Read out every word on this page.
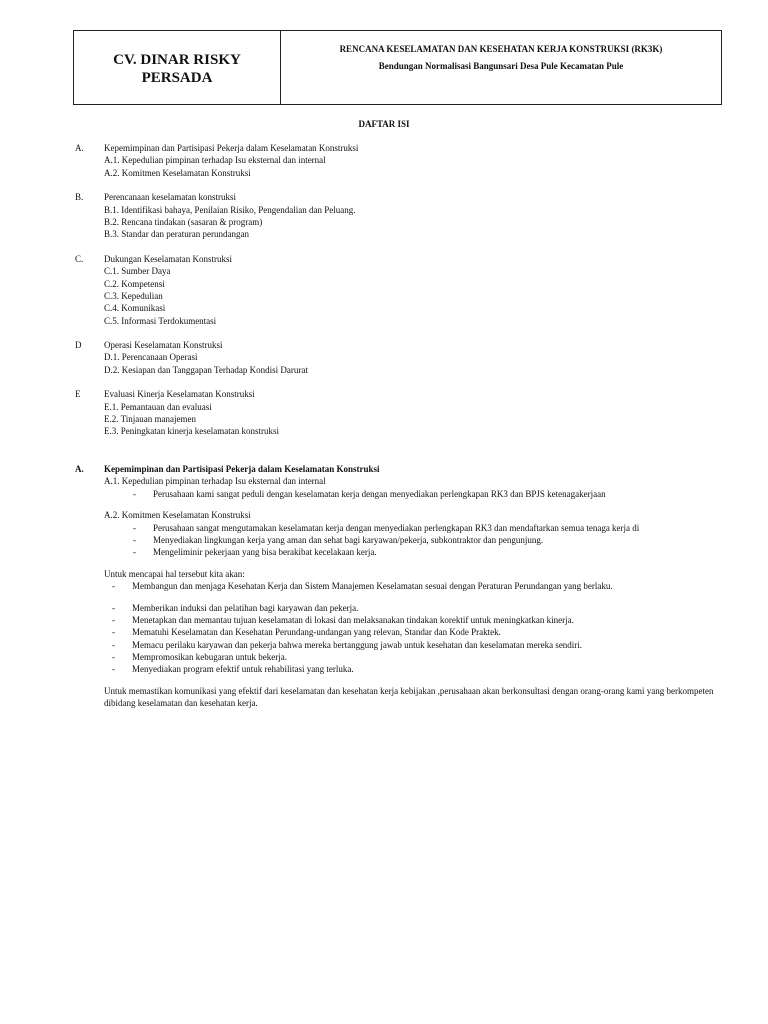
CV. DINAR RISKY
PERSADA
RENCANA KESELAMATAN DAN KESEHATAN KERJA KONSTRUKSI (RK3K)
Bendungan Normalisasi Bangunsari Desa Pule Kecamatan Pule
DAFTAR ISI
A.	Kepemimpinan dan Partisipasi Pekerja dalam Keselamatan Konstruksi
A.1. Kepedulian pimpinan terhadap Isu eksternal dan internal
A.2. Komitmen Keselamatan Konstruksi
B.	Perencanaan keselamatan konstruksi
B.1. Identifikasi bahaya, Penilaian Risiko, Pengendalian dan Peluang.
B.2. Rencana tindakan (sasaran & program)
B.3. Standar dan peraturan perundangan
C.	Dukungan Keselamatan Konstruksi
C.1. Sumber Daya
C.2. Kompetensi
C.3. Kepedulian
C.4. Komunikasi
C.5. Informasi Terdokumentasi
D	Operasi Keselamatan Konstruksi
D.1. Perencanaan Operasi
D.2. Kesiapan dan Tanggapan Terhadap Kondisi Darurat
E	Evaluasi Kinerja Keselamatan Konstruksi
E.1. Pemantauan dan evaluasi
E.2. Tinjauan manajemen
E.3. Peningkatan kinerja keselamatan konstruksi
A.	Kepemimpinan dan Partisipasi Pekerja dalam Keselamatan Konstruksi
A.1. Kepedulian pimpinan terhadap Isu eksternal dan internal
-	Perusahaan kami sangat peduli dengan keselamatan kerja dengan menyediakan perlengkapan RK3 dan BPJS ketenagakerjaan
A.2. Komitmen Keselamatan Konstruksi
-	Perusahaan sangat mengutamakan keselamatan kerja dengan menyediakan perlengkapan RK3 dan mendaftarkan semua tenaga kerja di
-	Menyediakan lingkungan kerja yang aman dan sehat bagi karyawan/pekerja, subkontraktor dan pengunjung.
-	Mengeliminir pekerjaan yang bisa berakibat kecelakaan kerja.
Untuk mencapai hal tersebut kita akan:
-	Membangun dan menjaga Kesehatan Kerja dan Sistem Manajemen Keselamatan sesuai dengan Peraturan Perundangan yang berlaku.
-	Memberikan induksi dan pelatihan bagi karyawan dan pekerja.
-	Menetapkan dan memantau tujuan keselamatan di lokasi dan melaksanakan tindakan korektif untuk meningkatkan kinerja.
-	Mematuhi Keselamatan dan Kesehatan Perundang-undangan yang relevan, Standar dan Kode Praktek.
-	Memacu perilaku karyawan dan pekerja bahwa mereka bertanggung jawab untuk kesehatan dan keselamatan mereka sendiri.
-	Mempromosikan kebugaran untuk bekerja.
-	Menyediakan program efektif untuk rehabilitasi yang terluka.
Untuk memastikan komunikasi yang efektif dari keselamatan dan kesehatan kerja kebijakan ,perusahaan akan berkonsultasi dengan orang-orang kami yang berkompeten dibidang keselamatan dan kesehatan kerja.
